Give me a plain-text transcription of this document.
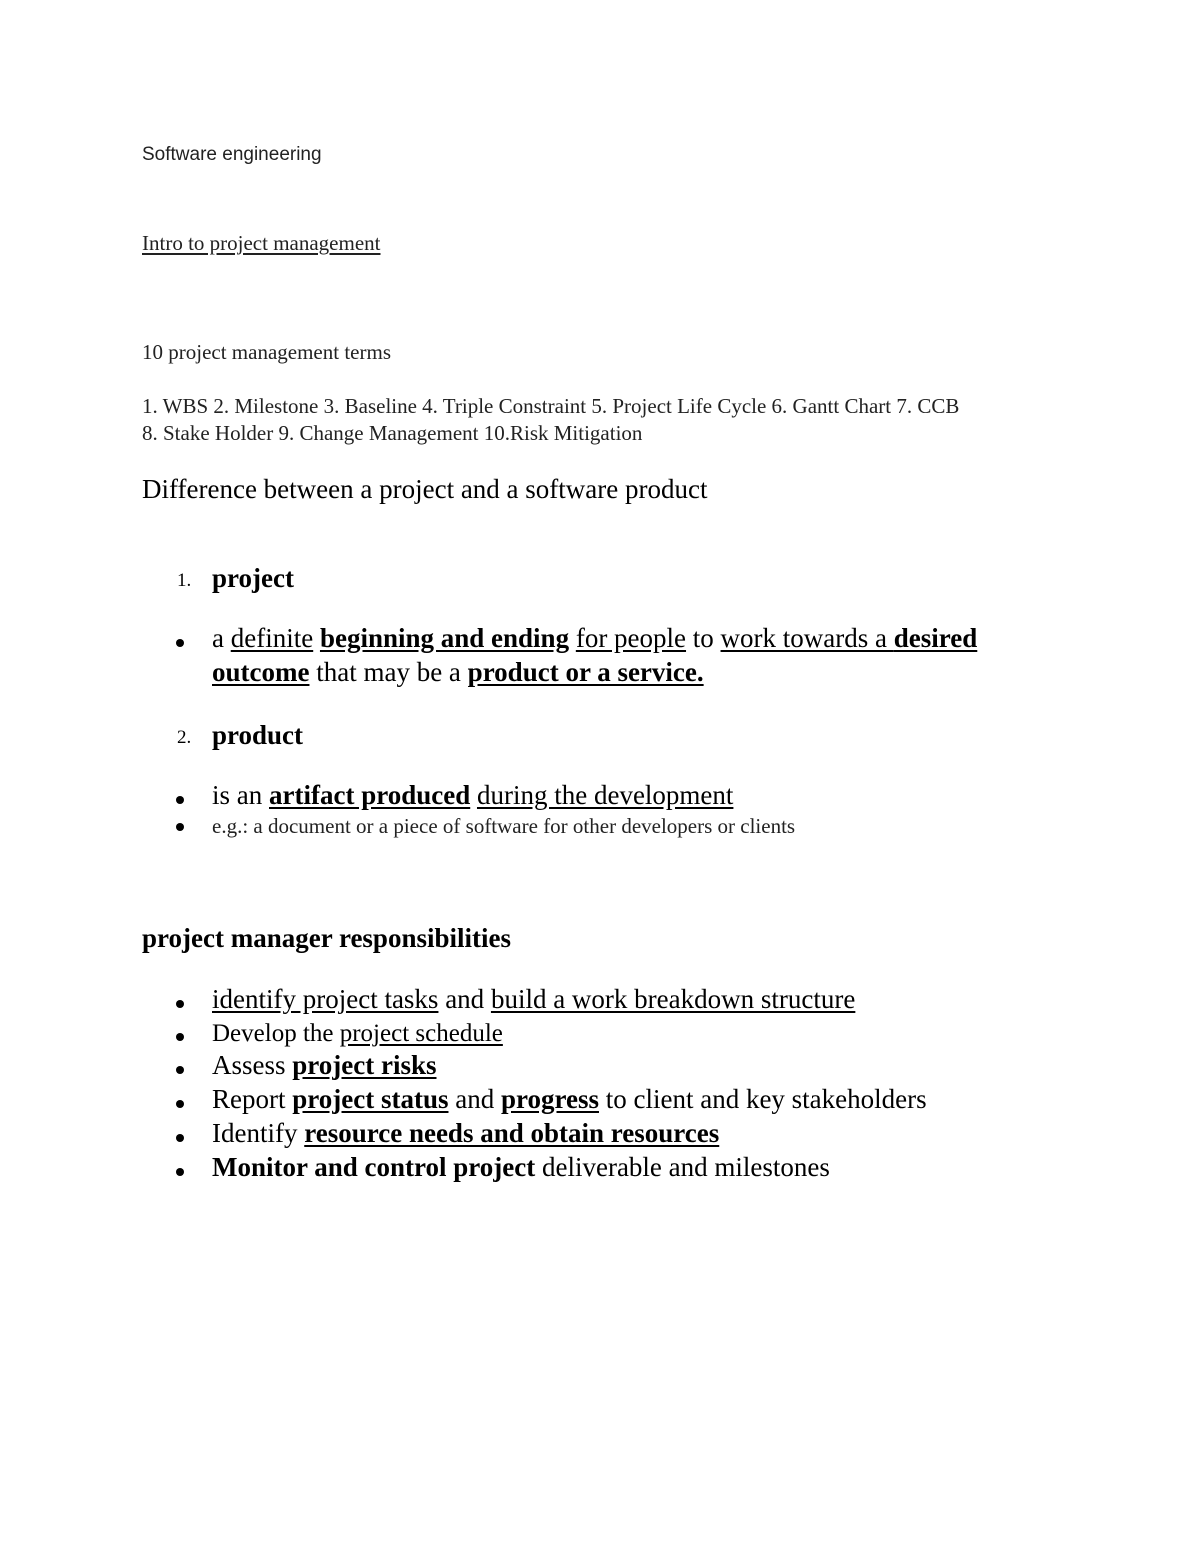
Software engineering
Intro to project management
10 project management terms
1. WBS 2. Milestone 3. Baseline 4. Triple Constraint 5. Project Life Cycle 6. Gantt Chart 7. CCB
8. Stake Holder 9. Change Management 10.Risk Mitigation
Difference between a project and a software product
1. project
a definite beginning and ending for people to work towards a desired
outcome that may be a product or a service.
2. product
is an artifact produced during the development
e.g.: a document or a piece of software for other developers or clients
project manager responsibilities
identify project tasks and build a work breakdown structure
Develop the project schedule
Assess project risks
Report project status and progress to client and key stakeholders
Identify resource needs and obtain resources
Monitor and control project deliverable and milestones
